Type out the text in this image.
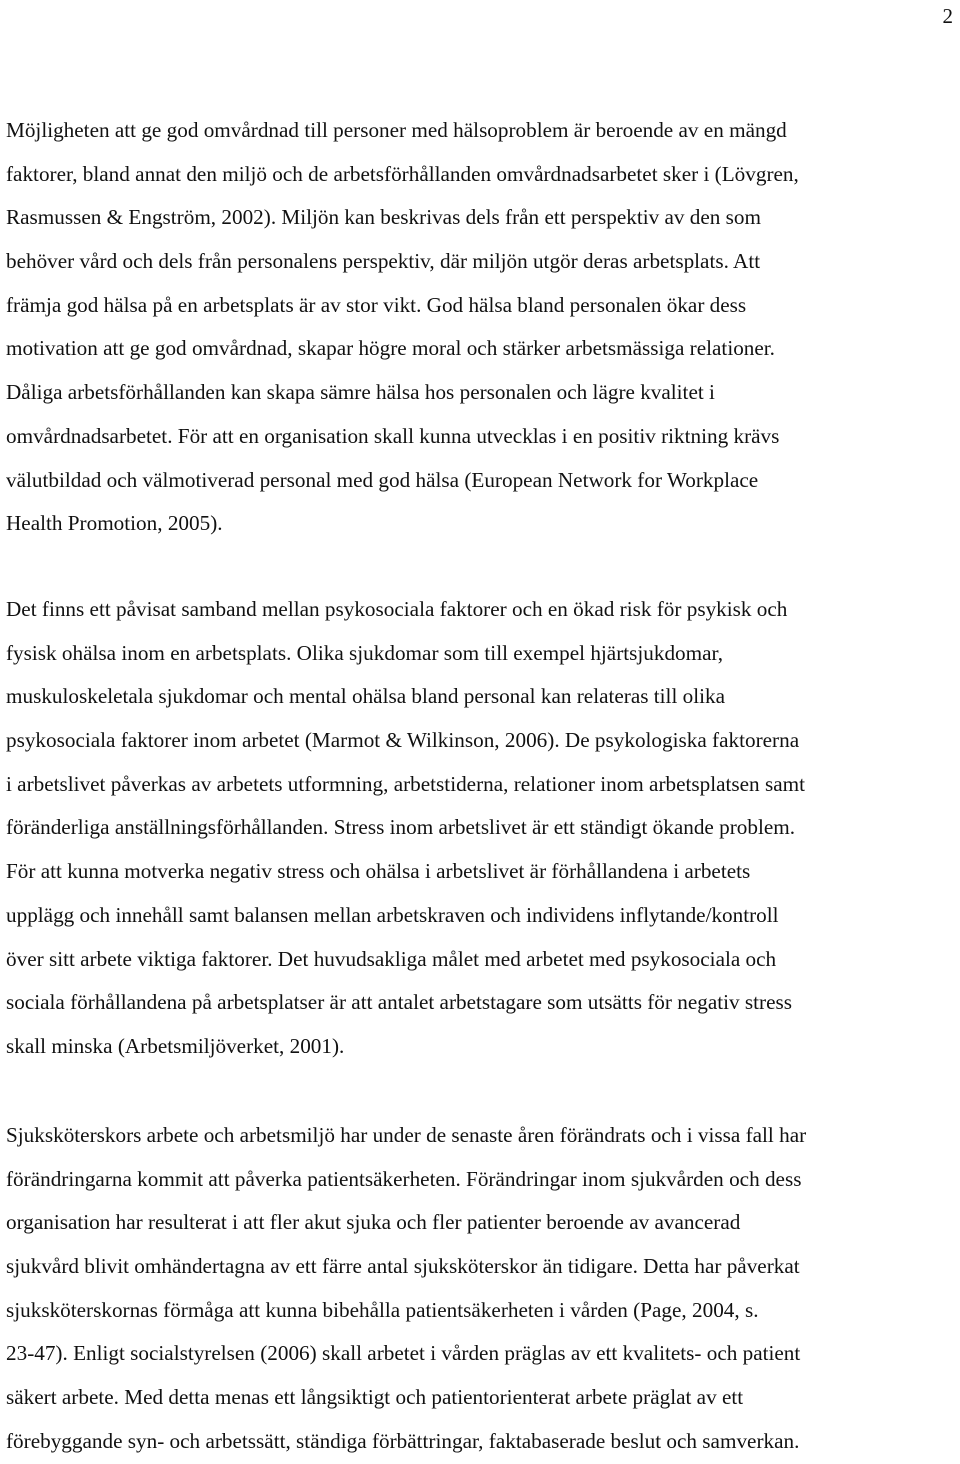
2
Möjligheten att ge god omvårdnad till personer med hälsoproblem är beroende av en mängd
faktorer, bland annat den miljö och de arbetsförhållanden omvårdnadsarbetet sker i (Lövgren,
Rasmussen & Engström, 2002). Miljön kan beskrivas dels från ett perspektiv av den som
behöver vård och dels från personalens perspektiv, där miljön utgör deras arbetsplats. Att
främja god hälsa på en arbetsplats är av stor vikt. God hälsa bland personalen ökar dess
motivation att ge god omvårdnad, skapar högre moral och stärker arbetsmässiga relationer.
Dåliga arbetsförhållanden kan skapa sämre hälsa hos personalen och lägre kvalitet i
omvårdnadsarbetet. För att en organisation skall kunna utvecklas i en positiv riktning krävs
välutbildad och välmotiverad personal med god hälsa (European Network for Workplace
Health Promotion, 2005).
Det finns ett påvisat samband mellan psykosociala faktorer och en ökad risk för psykisk och
fysisk ohälsa inom en arbetsplats. Olika sjukdomar som till exempel hjärtsjukdomar,
muskuloskeletala sjukdomar och mental ohälsa bland personal kan relateras till olika
psykosociala faktorer inom arbetet (Marmot & Wilkinson, 2006). De psykologiska faktorerna
i arbetslivet påverkas av arbetets utformning, arbetstiderna, relationer inom arbetsplatsen samt
föränderliga anställningsförhållanden. Stress inom arbetslivet är ett ständigt ökande problem.
För att kunna motverka negativ stress och ohälsa i arbetslivet är förhållandena i arbetets
upplägg och innehåll samt balansen mellan arbetskraven och individens inflytande/kontroll
över sitt arbete viktiga faktorer. Det huvudsakliga målet med arbetet med psykosociala och
sociala förhållandena på arbetsplatser är att antalet arbetstagare som utsätts för negativ stress
skall minska (Arbetsmiljöverket, 2001).
Sjuksköterskors arbete och arbetsmiljö har under de senaste åren förändrats och i vissa fall har
förändringarna kommit att påverka patientsäkerheten. Förändringar inom sjukvården och dess
organisation har resulterat i att fler akut sjuka och fler patienter beroende av avancerad
sjukvård blivit omhändertagna av ett färre antal sjuksköterskor än tidigare. Detta har påverkat
sjuksköterskornas förmåga att kunna bibehålla patientsäkerheten i vården (Page, 2004, s.
23-47). Enligt socialstyrelsen (2006) skall arbetet i vården präglas av ett kvalitets- och patient
säkert arbete. Med detta menas ett långsiktigt och patientorienterat arbete präglat av ett
förebyggande syn- och arbetssätt, ständiga förbättringar, faktabaserade beslut och samverkan.
